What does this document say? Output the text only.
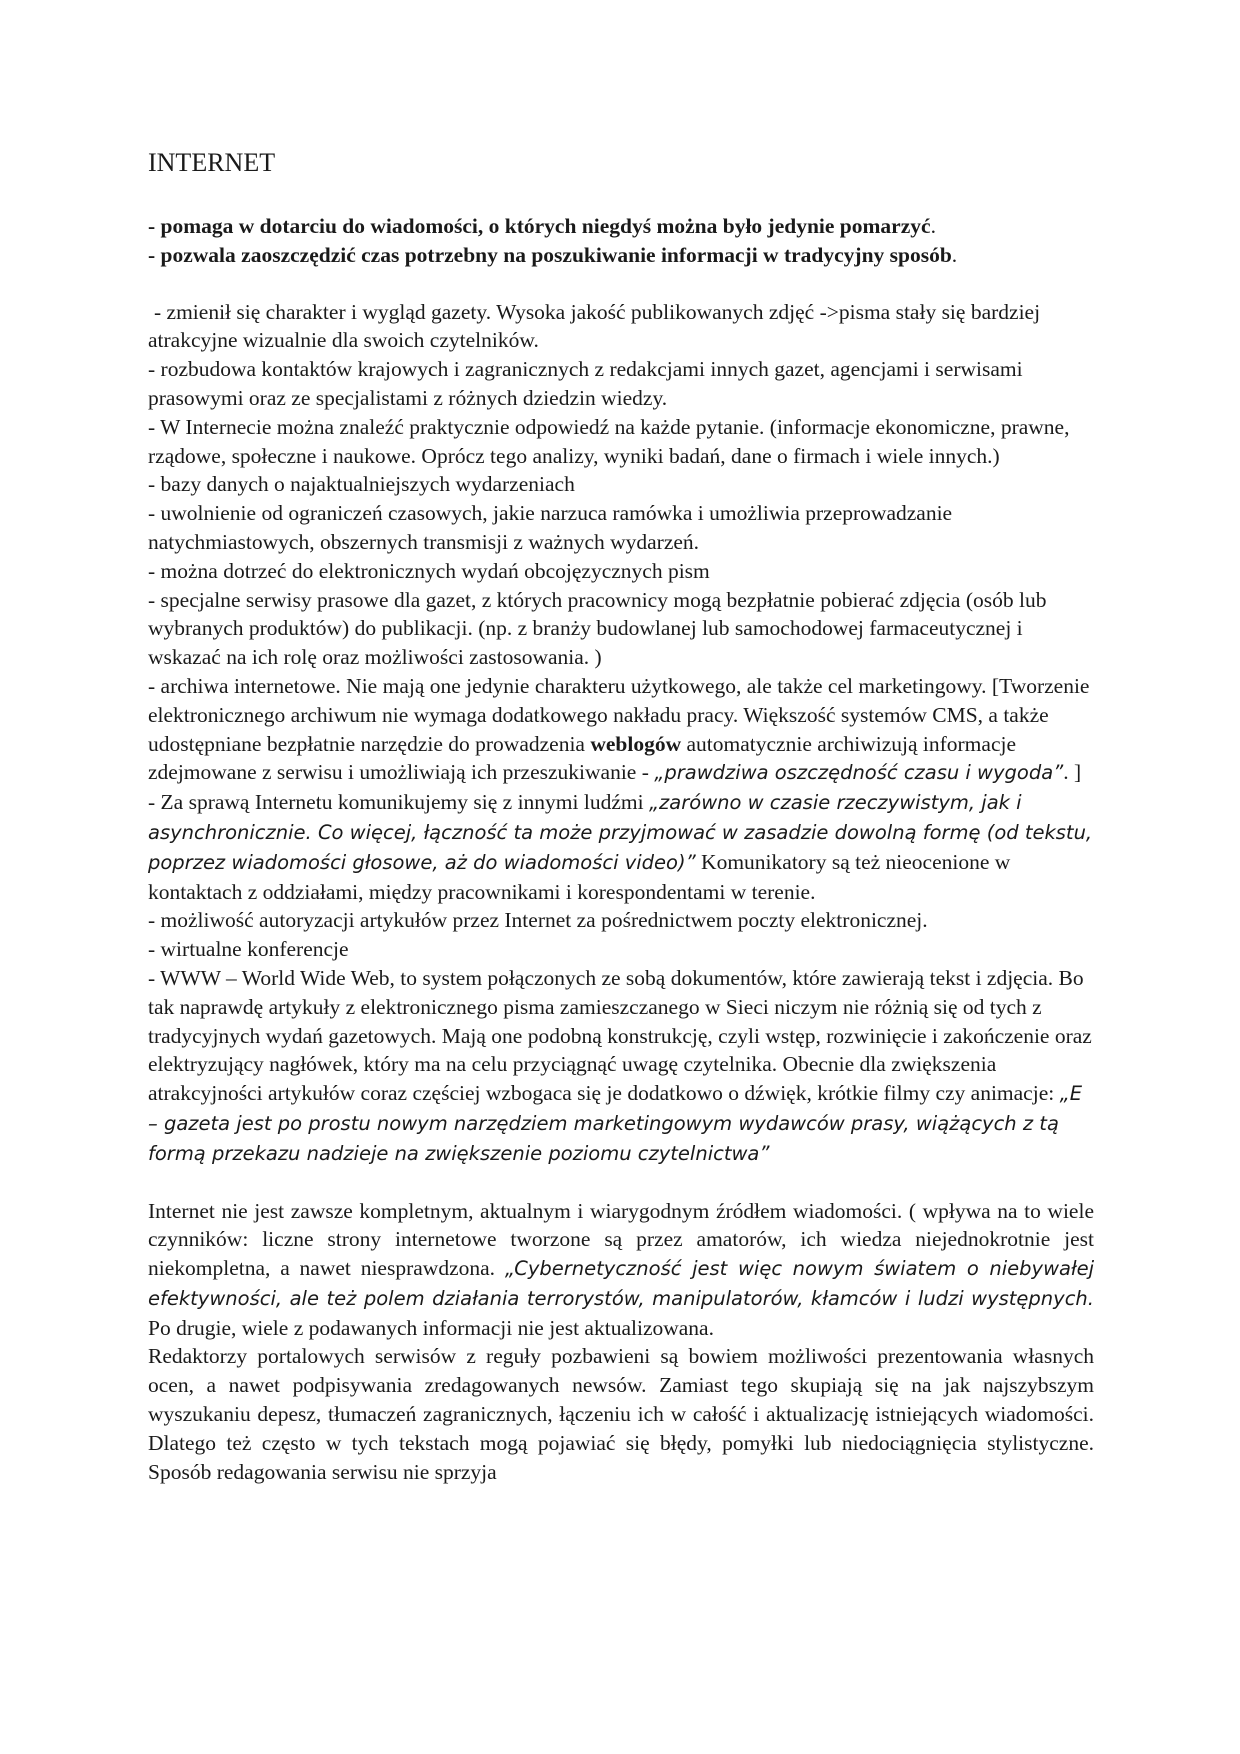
INTERNET

- pomaga w dotarciu do wiadomości, o których niegdyś można było jedynie pomarzyć.

- pozwala zaoszczędzić czas potrzebny na poszukiwanie informacji w tradycyjny sposób.

- zmienił się charakter i wygląd gazety. Wysoka jakość publikowanych zdjęć ->pisma stały się bardziej atrakcyjne wizualnie dla swoich czytelników.

- rozbudowa kontaktów krajowych i zagranicznych z redakcjami innych gazet, agencjami i serwisami prasowymi oraz ze specjalistami z różnych dziedzin wiedzy.

- W Internecie można znaleźć praktycznie odpowiedź na każde pytanie. (informacje ekonomiczne, prawne, rządowe, społeczne i naukowe. Oprócz tego analizy, wyniki badań, dane o firmach i wiele innych.)

- bazy danych o najaktualniejszych wydarzeniach

- uwolnienie od ograniczeń czasowych, jakie narzuca ramówka i umożliwia przeprowadzanie natychmiastowych, obszernych transmisji z ważnych wydarzeń.

- można dotrzeć do elektronicznych wydań obcojęzycznych pism

- specjalne serwisy prasowe dla gazet, z których pracownicy mogą bezpłatnie pobierać zdjęcia (osób lub wybranych produktów) do publikacji. (np. z branży budowlanej lub samochodowej farmaceutycznej i wskazać na ich rolę oraz możliwości zastosowania. )

- archiwa internetowe. Nie mają one jedynie charakteru użytkowego, ale także cel marketingowy. [Tworzenie elektronicznego archiwum nie wymaga dodatkowego nakładu pracy. Większość systemów CMS, a także udostępniane bezpłatnie narzędzie do prowadzenia weblogów automatycznie archiwizują informacje zdejmowane z serwisu i umożliwiają ich przeszukiwanie - „prawdziwa oszczędność czasu i wygoda”. ]

- Za sprawą Internetu komunikujemy się z innymi ludźmi „zarówno w czasie rzeczywistym, jak i asynchronicznie. Co więcej, łączność ta może przyjmować w zasadzie dowolną formę (od tekstu, poprzez wiadomości głosowe, aż do wiadomości video)” Komunikatory są też nieocenione w kontaktach z oddziałami, między pracownikami i korespondentami w terenie.

- możliwość autoryzacji artykułów przez Internet za pośrednictwem poczty elektronicznej.

- wirtualne konferencje

- WWW – World Wide Web, to system połączonych ze sobą dokumentów, które zawierają tekst i zdjęcia. Bo tak naprawdę artykuły z elektronicznego pisma zamieszczanego w Sieci niczym nie różnią się od tych z tradycyjnych wydań gazetowych. Mają one podobną konstrukcję, czyli wstęp, rozwinięcie i zakończenie oraz elektryzujący nagłówek, który ma na celu przyciągnąć uwagę czytelnika. Obecnie dla zwiększenia atrakcyjności artykułów coraz częściej wzbogaca się je dodatkowo o dźwięk, krótkie filmy czy animacje: „E – gazeta jest po prostu nowym narzędziem marketingowym wydawców prasy, wiążących z tą formą przekazu nadzieje na zwiększenie poziomu czytelnictwa”

Internet nie jest zawsze kompletnym, aktualnym i wiarygodnym źródłem wiadomości. ( wpływa na to wiele czynników: liczne strony internetowe tworzone są przez amatorów, ich wiedza niejednokrotnie jest niekompletna, a nawet niesprawdzona. „Cybernetyczność jest więc nowym światem o niebywałej efektywności, ale też polem działania terrorystów, manipulatorów, kłamców i ludzi występnych. Po drugie, wiele z podawanych informacji nie jest aktualizowana.

Redaktorzy portalowych serwisów z reguły pozbawieni są bowiem możliwości prezentowania własnych ocen, a nawet podpisywania zredagowanych newsów. Zamiast tego skupiają się na jak najszybszym wyszukaniu depesz, tłumaczeń zagranicznych, łączeniu ich w całość i aktualizację istniejących wiadomości. Dlatego też często w tych tekstach mogą pojawiać się błędy, pomyłki lub niedociągnięcia stylistyczne. Sposób redagowania serwisu nie sprzyja
